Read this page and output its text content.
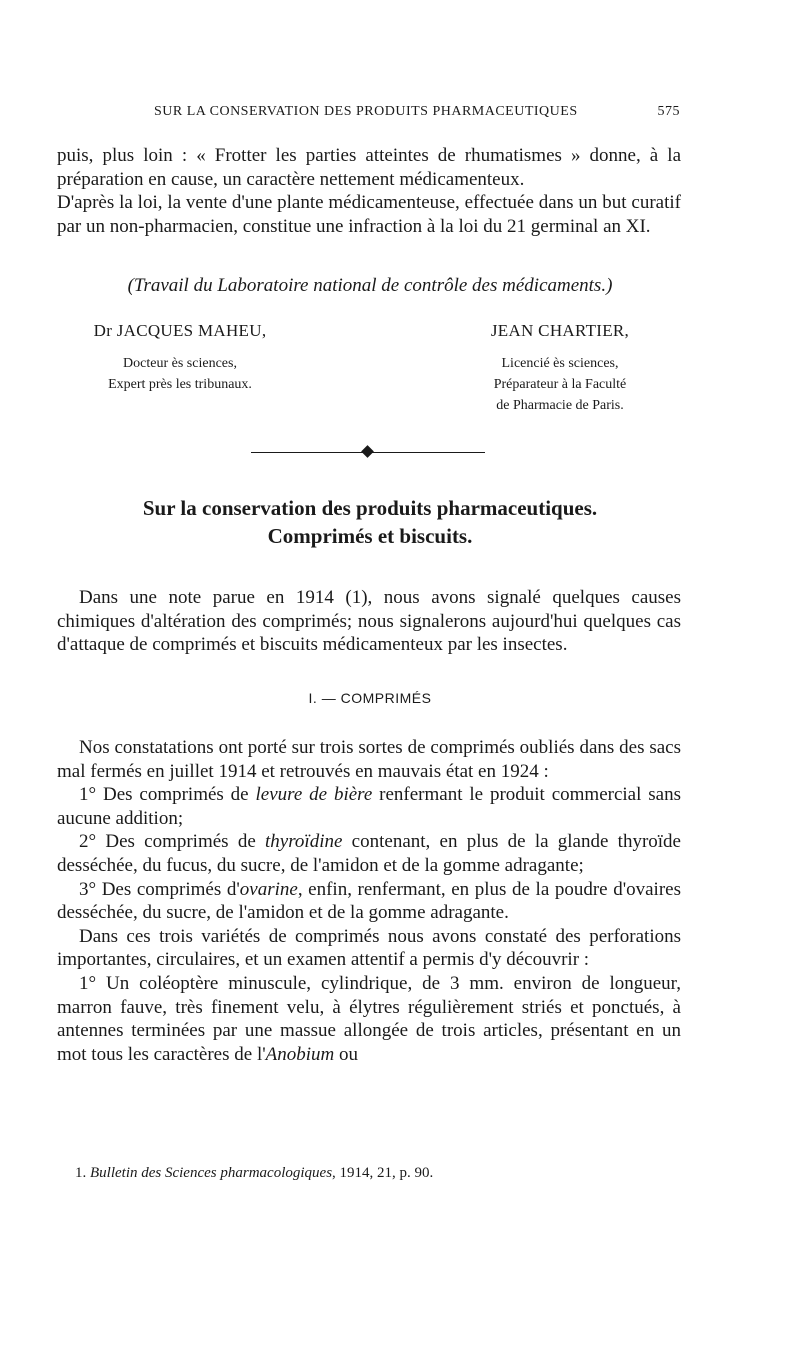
SUR LA CONSERVATION DES PRODUITS PHARMACEUTIQUES	575

puis, plus loin : « Frotter les parties atteintes de rhumatismes » donne, à la préparation en cause, un caractère nettement médicamenteux.

D'après la loi, la vente d'une plante médicamenteuse, effectuée dans un but curatif par un non-pharmacien, constitue une infraction à la loi du 21 germinal an XI.

(Travail du Laboratoire national de contrôle des médicaments.)
Dr JACQUES MAHEU,
Docteur ès sciences,
Expert près les tribunaux.
JEAN CHARTIER,
Licencié ès sciences,
Préparateur à la Faculté
de Pharmacie de Paris.
Sur la conservation des produits pharmaceutiques.
Comprimés et biscuits.
Dans une note parue en 1914 (1), nous avons signalé quelques causes chimiques d'altération des comprimés; nous signalerons aujourd'hui quelques cas d'attaque de comprimés et biscuits médicamenteux par les insectes.
I. — COMPRIMÉS

Nos constatations ont porté sur trois sortes de comprimés oubliés dans des sacs mal fermés en juillet 1914 et retrouvés en mauvais état en 1924 :

1° Des comprimés de levure de bière renfermant le produit commercial sans aucune addition;

2° Des comprimés de thyroïdine contenant, en plus de la glande thyroïde desséchée, du fucus, du sucre, de l'amidon et de la gomme adragante;

3° Des comprimés d'ovarine, enfin, renfermant, en plus de la poudre d'ovaires desséchée, du sucre, de l'amidon et de la gomme adragante.

Dans ces trois variétés de comprimés nous avons constaté des perforations importantes, circulaires, et un examen attentif a permis d'y découvrir :

1° Un coléoptère minuscule, cylindrique, de 3 mm. environ de longueur, marron fauve, très finement velu, à élytres régulièrement striés et ponctués, à antennes terminées par une massue allongée de trois articles, présentant en un mot tous les caractères de l'Anobium ou

1. Bulletin des Sciences pharmacologiques, 1914, 21, p. 90.
